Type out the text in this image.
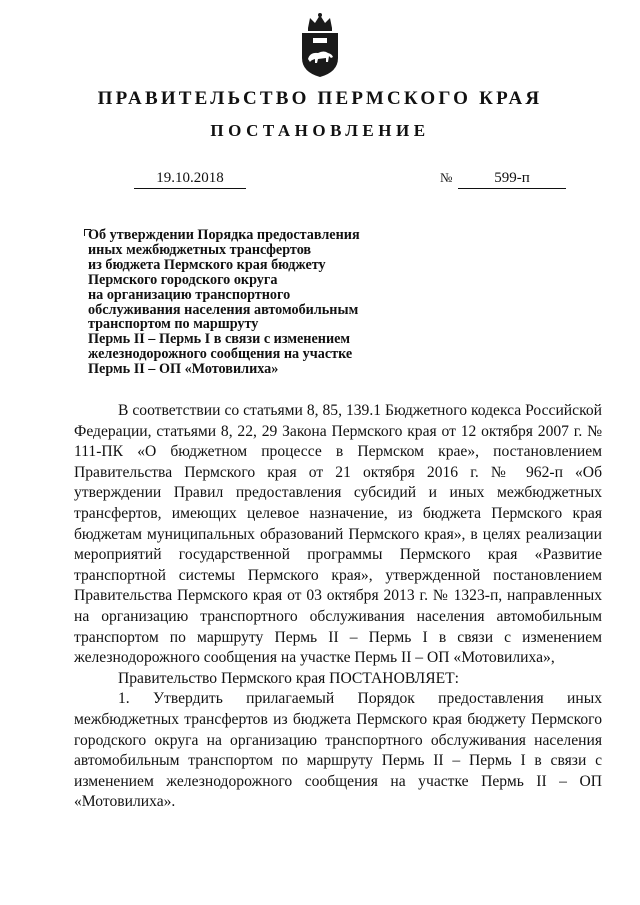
ПРАВИТЕЛЬСТВО ПЕРМСКОГО КРАЯ
ПОСТАНОВЛЕНИЕ
19.10.2018	№	599-п
Об утверждении Порядка предоставления
иных межбюджетных трансфертов
из бюджета Пермского края бюджету
Пермского городского округа
на организацию транспортного
обслуживания населения автомобильным
транспортом по маршруту
Пермь II – Пермь I в связи с изменением
железнодорожного сообщения на участке
Пермь II – ОП «Мотовилиха»

В соответствии со статьями 8, 85, 139.1 Бюджетного кодекса Российской Федерации, статьями 8, 22, 29 Закона Пермского края от 12 октября 2007 г. № 111-ПК «О бюджетном процессе в Пермском крае», постановлением Правительства Пермского края от 21 октября 2016 г. № 962-п «Об утверждении Правил предоставления субсидий и иных межбюджетных трансфертов, имеющих целевое назначение, из бюджета Пермского края бюджетам муниципальных образований Пермского края», в целях реализации мероприятий государственной программы Пермского края «Развитие транспортной системы Пермского края», утвержденной постановлением Правительства Пермского края от 03 октября 2013 г. № 1323-п, направленных на организацию транспортного обслуживания населения автомобильным транспортом по маршруту Пермь II – Пермь I в связи с изменением железнодорожного сообщения на участке Пермь II – ОП «Мотовилиха»,

Правительство Пермского края ПОСТАНОВЛЯЕТ:

1. Утвердить прилагаемый Порядок предоставления иных межбюджетных трансфертов из бюджета Пермского края бюджету Пермского городского округа на организацию транспортного обслуживания населения автомобильным транспортом по маршруту Пермь II – Пермь I в связи с изменением железнодорожного сообщения на участке Пермь II – ОП «Мотовилиха».
